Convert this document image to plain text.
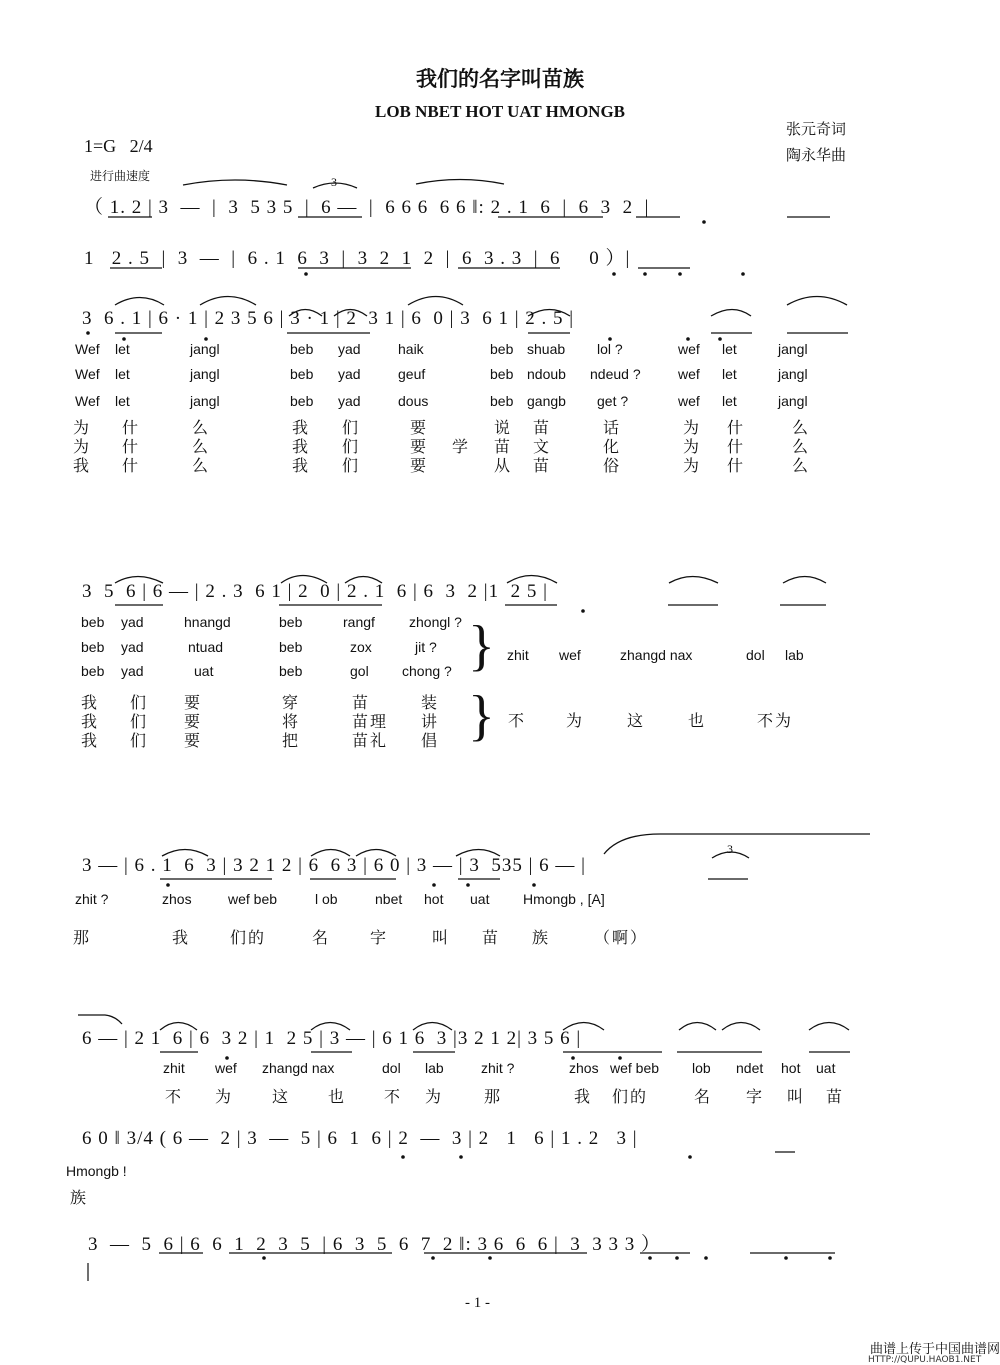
3
3
我们的名字叫苗族
LOB NBET HOT UAT HMONGB
张元奇词
陶永华曲
1=G   2/4
进行曲速度
（ 1. 2 | 3  —  |  3  5 3 5  |  6 —  |  6 6 6  6 6 ‖: 2 . 1  6  |  6  3  2  |
1   2 . 5  |  3  —  |  6 . 1  6  3  |  3  2  1  2  |  6  3 . 3  |  6     0 ）|
3  6 . 1 | 6 · 1 | 2 3 5 6 | 3 · 1 | 2  3 1 | 6  0 | 3  6 1 | 2 . 5 |
Wef let	jangl	beb yad	haik	beb shuab lol ?	wef let	jangl
Wef let	jangl	beb yad	geuf	beb ndoub ndeud ?	wef let	jangl
Wef let	jangl	beb yad	dous	beb gangb get ?	wef let	jangl
为 什	么	我 们	要	说 苗	话	为 什	么
为 什	么	我 们	要 学 苗 文	化	为 什	么
我 什	么	我 们	要	从 苗	俗	为 什	么
3  5  6 | 6 — | 2 . 3  6 1 | 2  0 | 2 . 1  6 | 6  3  2 |1  2 5 |
beb yad	hnangd	beb	rangf zhongl ?
beb yad	ntuad	beb	zox	jit ?
beb yad	uat	beb	gol chong ? } zhit wef	zhangd nax	dol lab
我 们 要	穿	苗	装
我 们 要	将	苗理 讲
我 们 要	把	苗礼 倡 } 不 为	这	也	不为
3 — | 6 . 1  6  3 | 3 2 1 2 | 6  6 3 | 6 0 | 3 — | 3  535 | 6 — |
zhit ?	zhos	wef beb	l ob	nbet hot uat Hmongb , [A]
那	我 们的	名 字	叫 苗 族	（啊）
6 — | 2 1  6 | 6  3 2 | 1  2 5 | 3 — | 6 1 6  3 |3 2 1 2| 3 5 6 |
zhit wef zhangd nax	dol lab	zhit ?	zhos wef beb lob ndet hot uat
不 为 这 也 不 为	那	我 们的	名 字 叫 苗
6 0 ‖ 3/4 ( 6 —  2 | 3  —  5 | 6  1  6 | 2  —  3 | 2   1   6 | 1 . 2   3 |
Hmongb !
族
3  —  5  6 | 6  6  1  2  3  5  | 6  3  5  6  7  2 ‖: 3 6  6  6 |  3  3 3 3 ）
- 1 -
曲谱上传于中国曲谱网
HTTP://QUPU.HAOB1.NET
